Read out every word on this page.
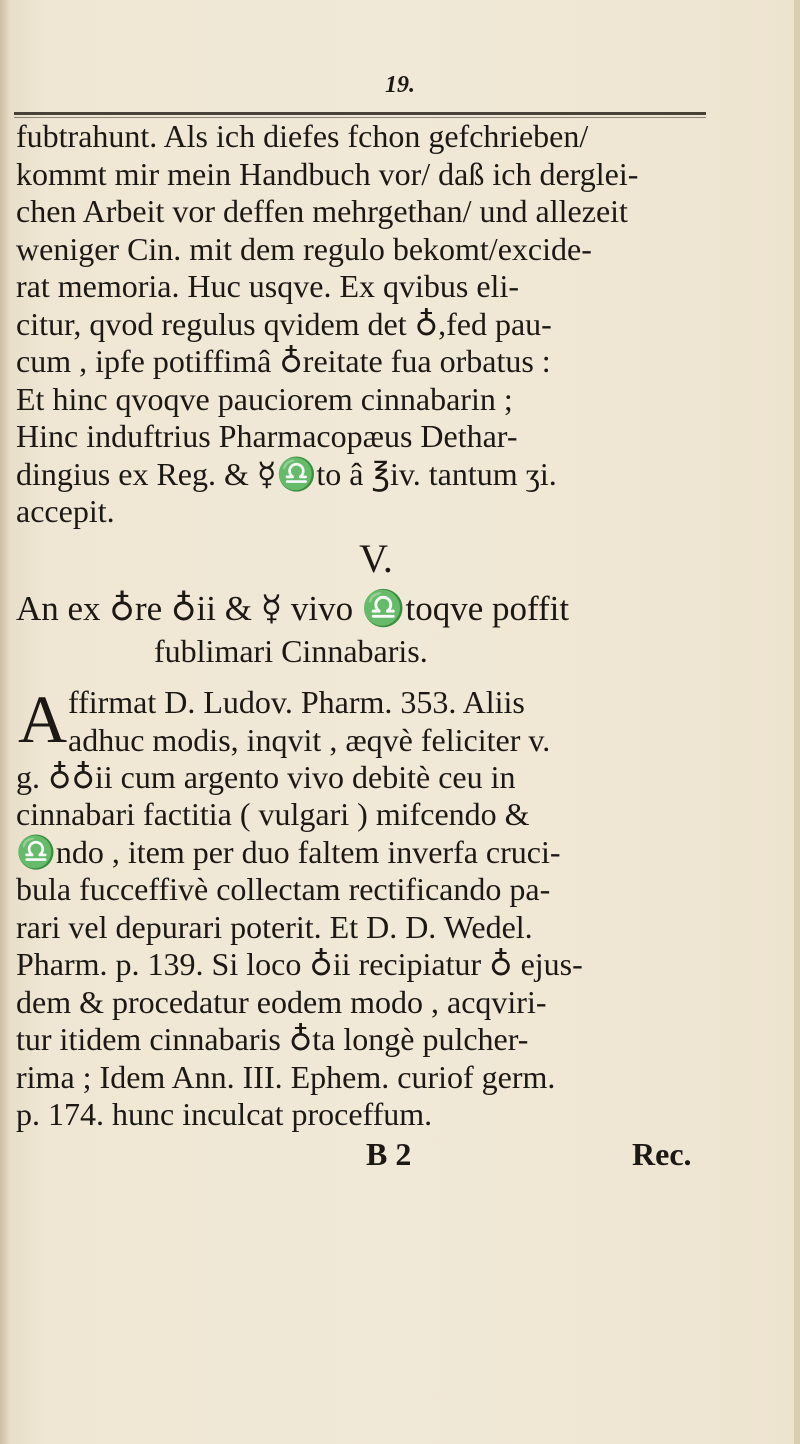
19.
fubtrahunt. Als ich diefes fchon gefchrieben/
kommt mir mein Handbuch vor/ daß ich derglei-
chen Arbeit vor deffen mehrgethan/ und allezeit
weniger Cin. mit dem regulo bekomt/excide-
rat memoria. Huc usqve. Ex qvibus eli-
citur, qvod regulus qvidem det ♁,fed pau-
cum , ipfe potiffimâ ♁reitate fua orbatus :
Et hinc qvoqve pauciorem cinnabarin ;
Hinc induftrius Pharmacopæus Dethar-
dingius ex Reg. & ☿♎to â ℥iv. tantum ʒi.
accepit.
V.
An ex ♁re ♁ii & ☿ vivo ♎toqve poffit
fublimari Cinnabaris.
A ffirmat D. Ludov. Pharm. 353. Aliis
adhuc modis, inqvit , æqvè feliciter v.
g. ♁♁ii cum argento vivo debitè ceu in
cinnabari factitia ( vulgari ) mifcendo &
♎ndo , item per duo faltem inverfa cruci-
bula fucceffivè collectam rectificando pa-
rari vel depurari poterit. Et D. D. Wedel.
Pharm. p. 139. Si loco ♁ii recipiatur ♁ ejus-
dem & procedatur eodem modo , acqviri-
tur itidem cinnabaris ♁ta longè pulcher-
rima ; Idem Ann. III. Ephem. curiof germ.
p. 174. hunc inculcat proceffum.
B 2	Rec.
